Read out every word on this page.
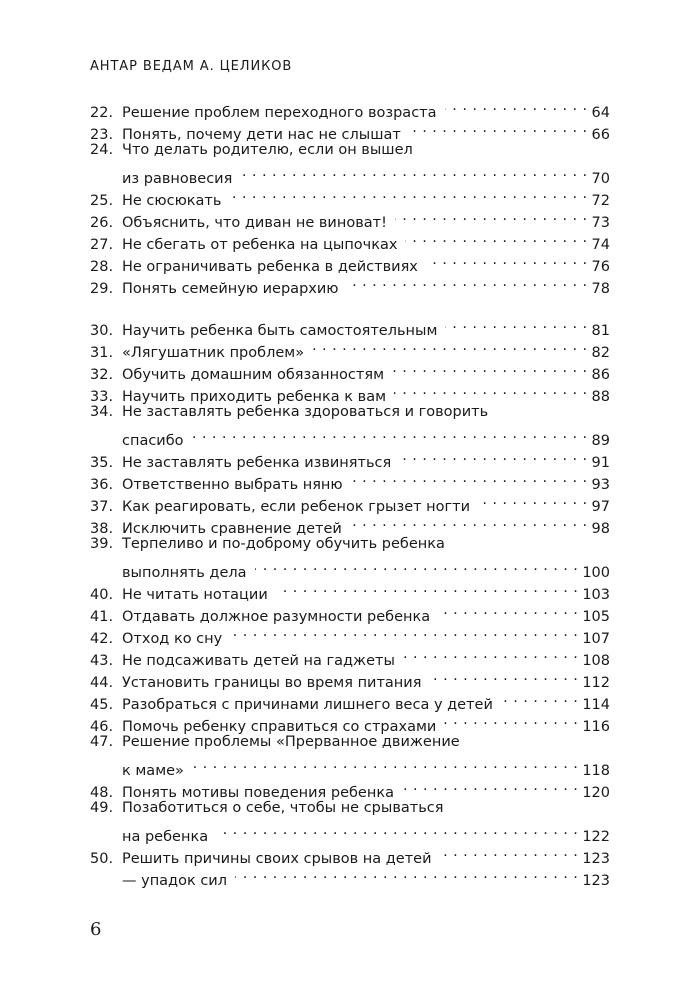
АНТАР ВЕДАМ А. ЦЕЛИКОВ
22. Решение проблем переходного возраста . . .	64
23. Понять, почему дети нас не слышат . . .	66
24. Что делать родителю, если он вышел
из равновесия . . .	70
25. Не сюсюкать . . .	72
26. Объяснить, что диван не виноват! . . .	73
27. Не сбегать от ребенка на цыпочках . . .	74
28. Не ограничивать ребенка в действиях . . .	76
29. Понять семейную иерархию . . .	78
30. Научить ребенка быть самостоятельным . . .	81
31. «Лягушатник проблем» . . .	82
32. Обучить домашним обязанностям . . .	86
33. Научить приходить ребенка к вам . . .	88
34. Не заставлять ребенка здороваться и говорить
спасибо . . .	89
35. Не заставлять ребенка извиняться . . .	91
36. Ответственно выбрать няню . . .	93
37. Как реагировать, если ребенок грызет ногти . . .	97
38. Исключить сравнение детей . . .	98
39. Терпеливо и по-доброму обучить ребенка
выполнять дела . . .	100
40. Не читать нотации . . .	103
41. Отдавать должное разумности ребенка . . .	105
42. Отход ко сну . . .	107
43. Не подсаживать детей на гаджеты . . .	108
44. Установить границы во время питания . . .	112
45. Разобраться с причинами лишнего веса у детей . . .	114
46. Помочь ребенку справиться со страхами . . .	116
47. Решение проблемы «Прерванное движение
к маме» . . .	118
48. Понять мотивы поведения ребенка . . .	120
49. Позаботиться о себе, чтобы не срываться
на ребенка . . .	122
50. Решить причины своих срывов на детей . . .	123
— упадок сил . . .	123
6
